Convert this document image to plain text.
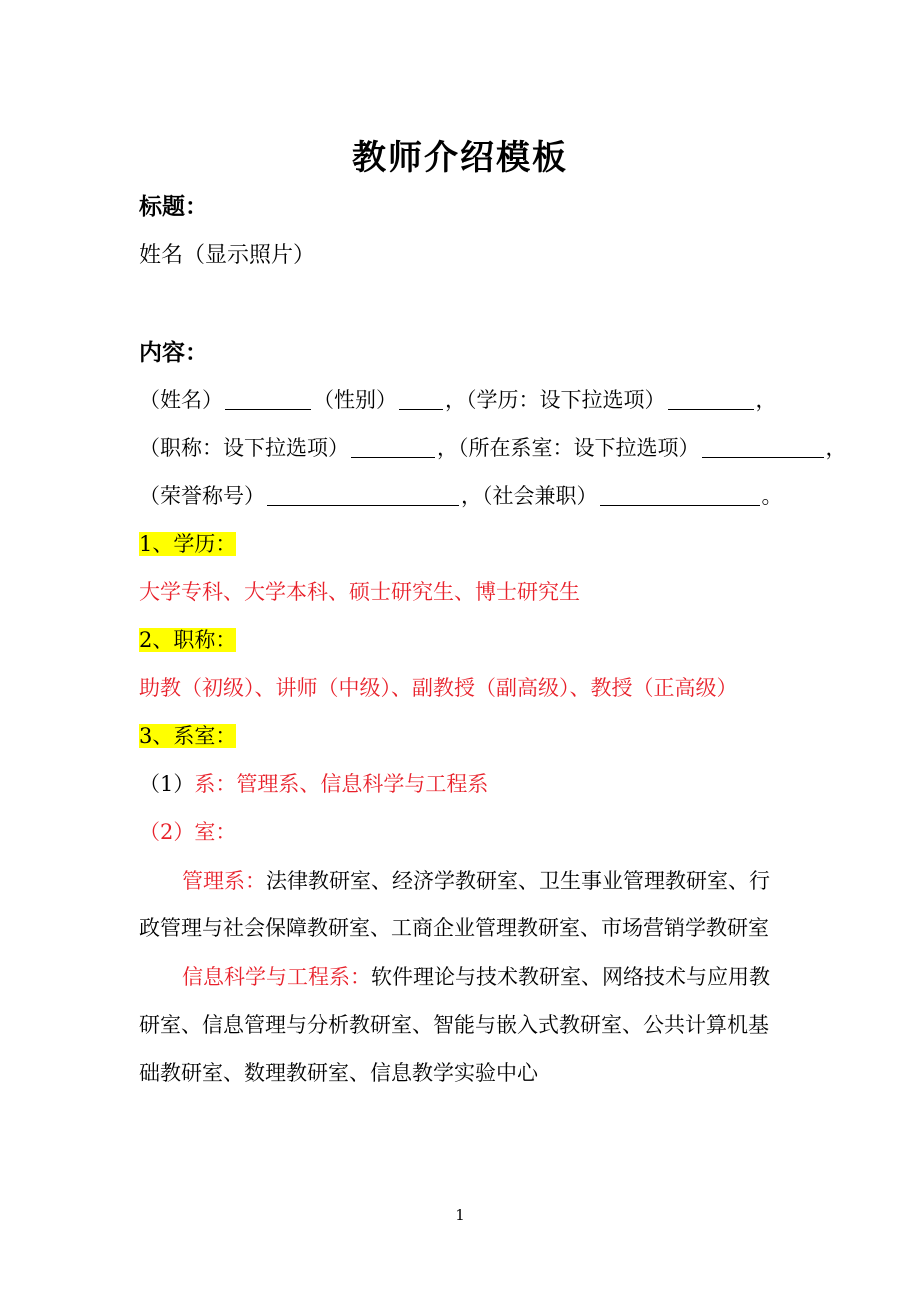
教师介绍模板
标题：
姓名（显示照片）
内容：
（姓名）	（性别） ，（学历：设下拉选项）	，
（职称：设下拉选项）	，（所在系室：设下拉选项）	，
（荣誉称号）	，（社会兼职）	。
1、学历：
大学专科、大学本科、硕士研究生、博士研究生
2、职称：
助教（初级）、讲师（中级）、副教授（副高级）、教授（正高级）
3、系室：
（1）系：管理系、信息科学与工程系
（2）室：
管理系：法律教研室、经济学教研室、卫生事业管理教研室、行
政管理与社会保障教研室、工商企业管理教研室、市场营销学教研室
信息科学与工程系：软件理论与技术教研室、网络技术与应用教
研室、信息管理与分析教研室、智能与嵌入式教研室、公共计算机基
础教研室、数理教研室、信息教学实验中心
1
